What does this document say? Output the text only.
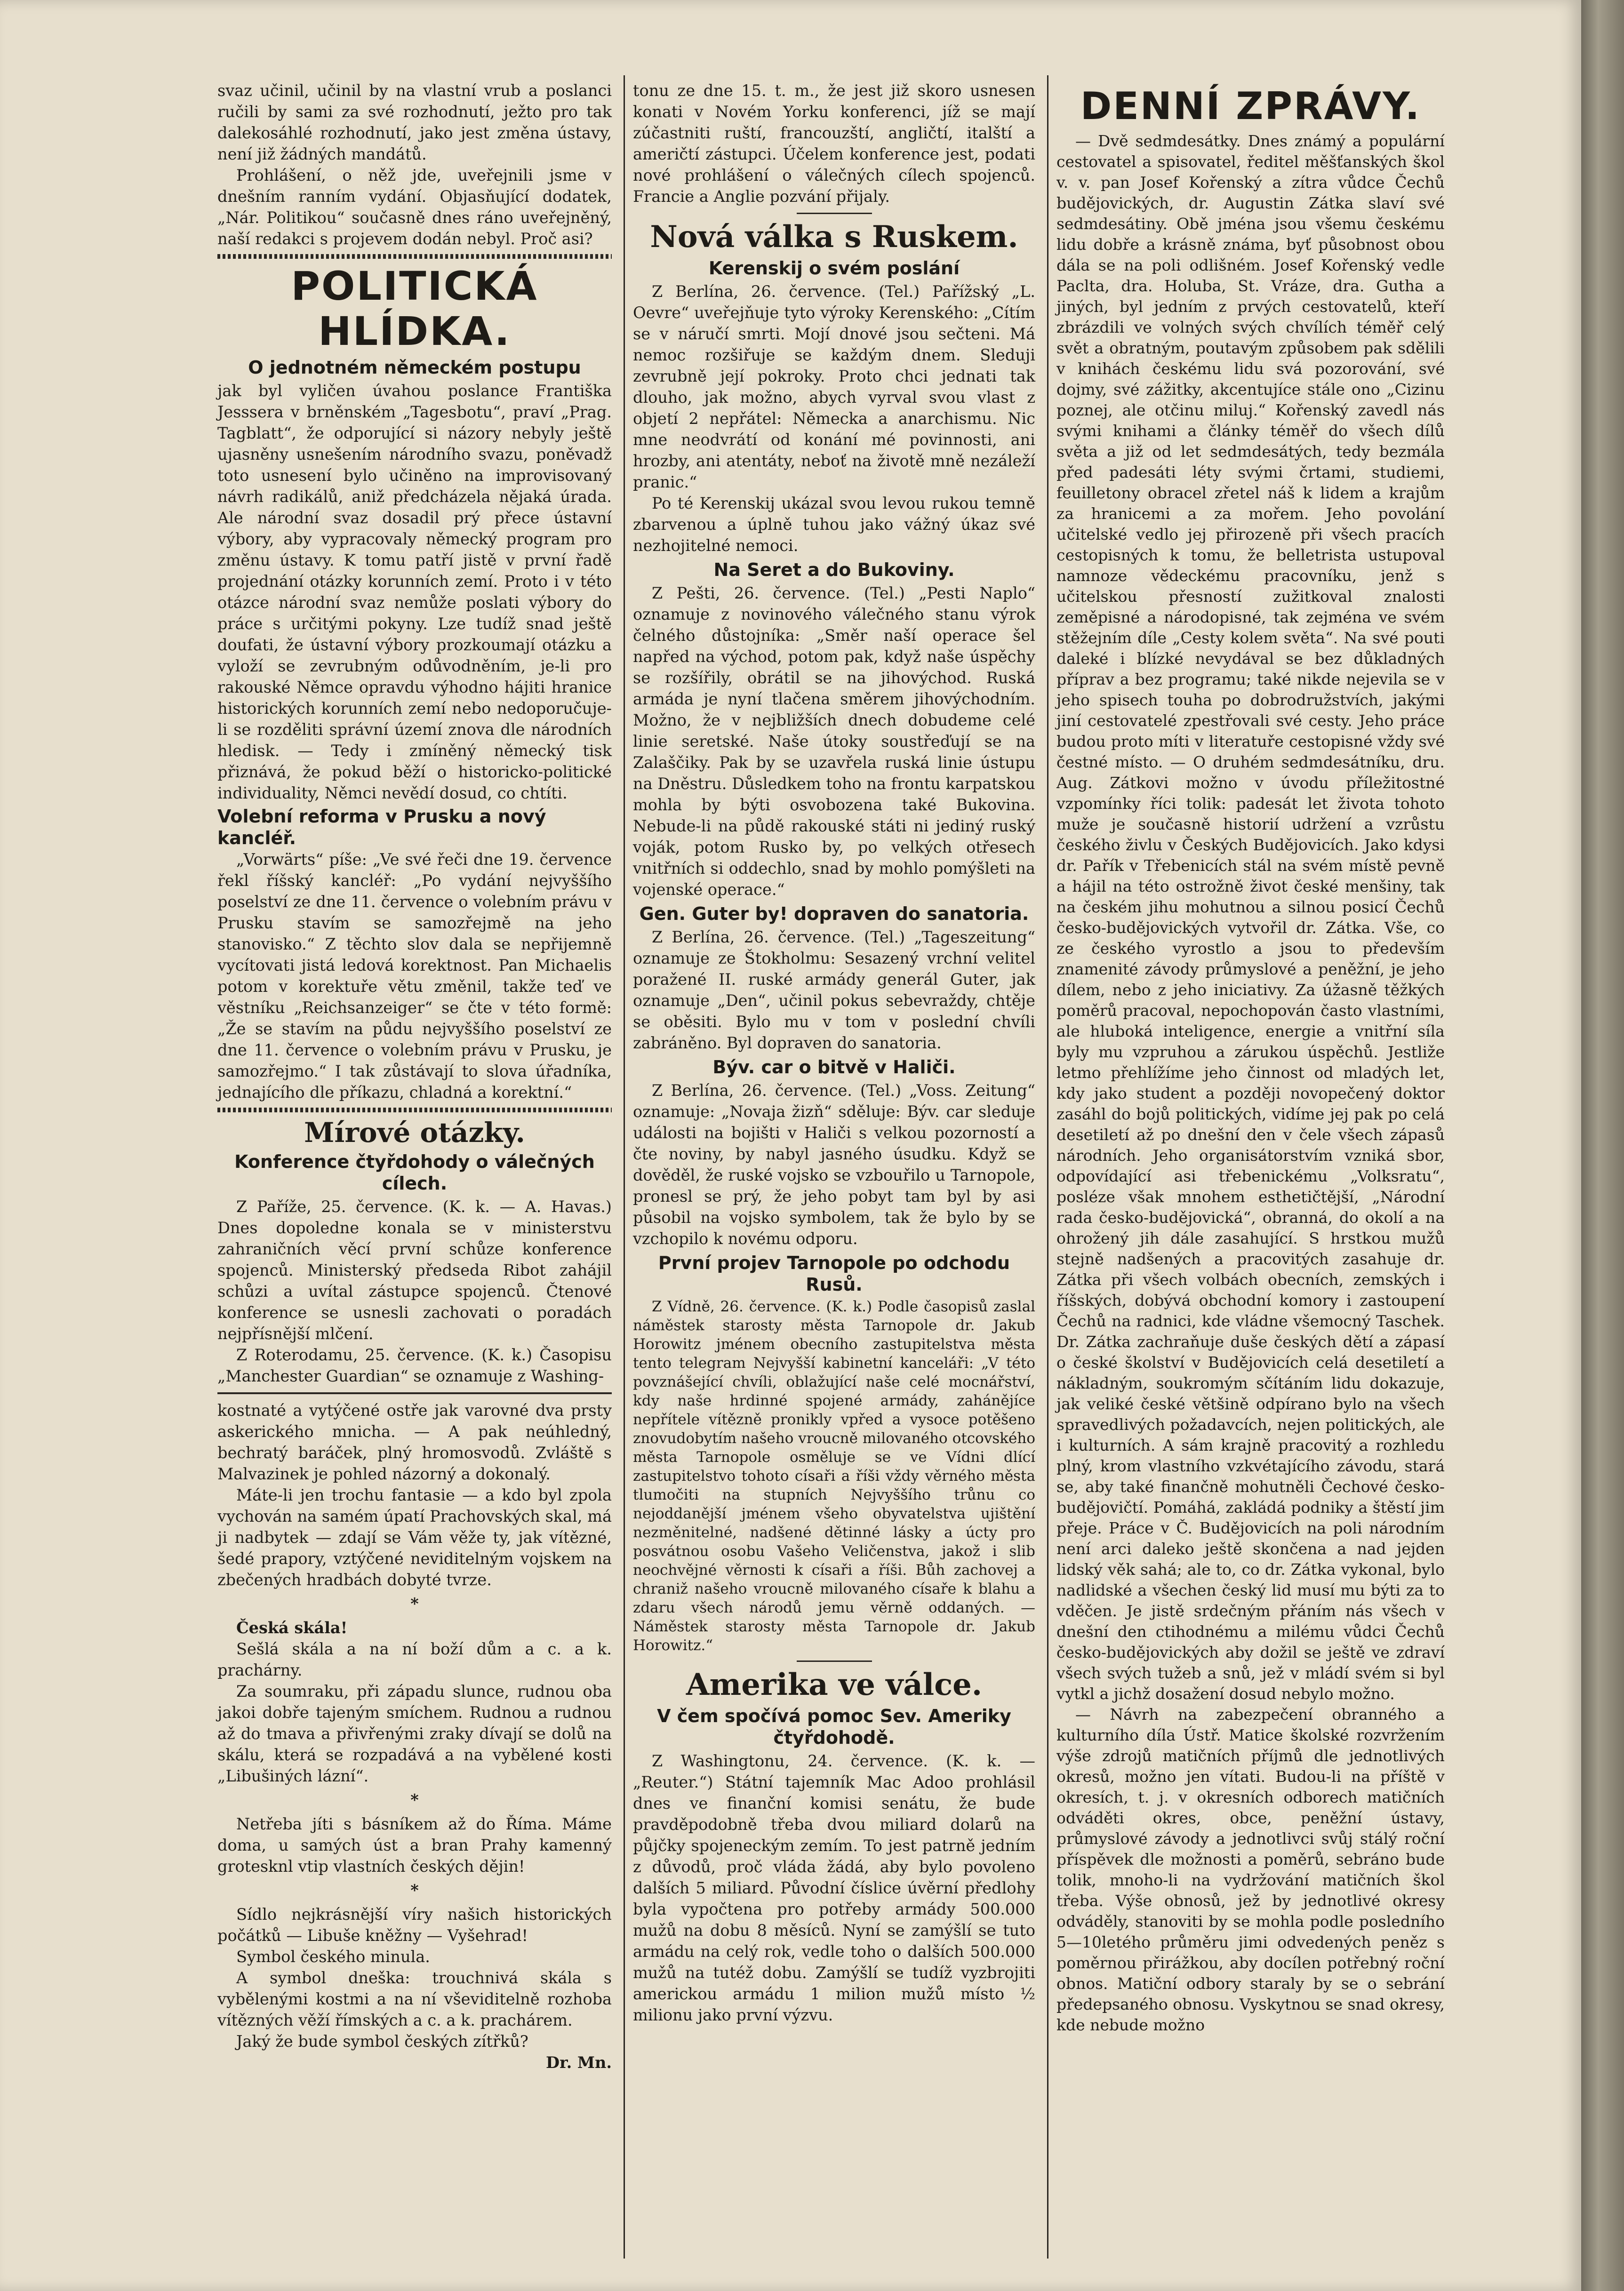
svaz učinil, učinil by na vlastní vrub a poslanci ručili by sami za své rozhodnutí, ježto pro tak dalekosáhlé rozhodnutí, jako jest změna ústavy, není již žádných mandátů.

Prohlášení, o něž jde, uveřejnili jsme v dnešním ranním vydání. Objasňující dodatek, „Nár. Politikou“ současně dnes ráno uveřejněný, naší redakci s projevem dodán nebyl. Proč asi?

POLITICKÁ HLÍDKA.
O jednotném německém postupu

jak byl vyličen úvahou poslance Františka Jesssera v brněnském „Tagesbotu“, praví „Prag. Tagblatt“, že odporující si názory nebyly ještě ujasněny usnešením národního svazu, poněvadž toto usnesení bylo učiněno na improvisovaný návrh radikálů, aniž předcházela nějaká úrada. Ale národní svaz dosadil prý přece ústavní výbory, aby vypracovaly německý program pro změnu ústavy. K tomu patří jistě v první řadě projednání otázky korunních zemí. Proto i v této otázce národní svaz nemůže poslati výbory do práce s určitými pokyny. Lze tudíž snad ještě doufati, že ústavní výbory prozkoumají otázku a vyloží se zevrubným odůvodněním, je-li pro rakouské Němce opravdu výhodno hájiti hranice historických korunních zemí nebo nedoporučuje-li se rozděliti správní území znova dle národních hledisk. — Tedy i zmíněný německý tisk přiznává, že pokud běží o historicko-politické individuality, Němci nevědí dosud, co chtíti.

Volební reforma v Prusku a nový kancléř.

„Vorwärts“ píše: „Ve své řeči dne 19. července řekl říšský kancléř: „Po vydání nejvyššího poselství ze dne 11. července o volebním právu v Prusku stavím se samozřejmě na jeho stanovisko.“ Z těchto slov dala se nepřijemně vycítovati jistá ledová korektnost. Pan Michaelis potom v korektuře větu změnil, takže teď ve věstníku „Reichsanzeiger“ se čte v této formě: „Že se stavím na půdu nejvyššího poselství ze dne 11. července o volebním právu v Prusku, je samozřejmo.“ I tak zůstávají to slova úřadníka, jednajícího dle příkazu, chladná a korektní.“

Mírové otázky.
Konference čtyřdohody o válečných cílech.

Z Paříže, 25. července. (K. k. — A. Havas.) Dnes dopoledne konala se v ministerstvu zahraničních věcí první schůze konference spojenců. Ministerský předseda Ribot zahájil schůzi a uvítal zástupce spojenců. Čtenové konference se usnesli zachovati o poradách nejpřísnější mlčení.

Z Roterodamu, 25. července. (K. k.) Časopisu „Manchester Guardian“ se oznamuje z Washing-

kostnaté a vytýčené ostře jak varovné dva prsty askerického mnicha. — A pak neúhledný, bechratý baráček, plný hromosvodů. Zvláště s Malvazinek je pohled názorný a dokonalý.

Máte-li jen trochu fantasie — a kdo byl zpola vychován na samém úpatí Prachovských skal, má ji nadbytek — zdají se Vám věže ty, jak vítězné, šedé prapory, vztýčené neviditelným vojskem na zbečených hradbách dobyté tvrze.

*

Česká skála!

Sešlá skála a na ní boží dům a c. a k. prachárny.

Za soumraku, při západu slunce, rudnou oba jakoi dobře tajeným smíchem. Rudnou a rudnou až do tmava a přivřenými zraky dívají se dolů na skálu, která se rozpadává a na vybělené kosti „Libušiných lázní“.

*

Netřeba jíti s básníkem až do Říma. Máme doma, u samých úst a bran Prahy kamenný grotesknl vtip vlastních českých dějin!

*

Sídlo nejkrásnější víry našich historických počátků — Libuše kněžny — Vyšehrad!

Symbol českého minula.

A symbol dneška: trouchnivá skála s vybělenými kostmi a na ní vševiditelně rozhoba vítězných věží římských a c. a k. prachárem.

Jaký že bude symbol českých zítřků?

Dr. Mn.

tonu ze dne 15. t. m., že jest již skoro usnesen konati v Novém Yorku konferenci, jíž se mají zúčastniti ruští, francouzští, angličtí, italští a američtí zástupci. Účelem konference jest, podati nové prohlášení o válečných cílech spojenců. Francie a Anglie pozvání přijaly.

Nová válka s Ruskem.
Kerenskij o svém poslání

Z Berlína, 26. července. (Tel.) Pařížský „L. Oevre“ uveřejňuje tyto výroky Kerenského: „Cítím se v náručí smrti. Mojí dnové jsou sečteni. Má nemoc rozšiřuje se každým dnem. Sleduji zevrubně její pokroky. Proto chci jednati tak dlouho, jak možno, abych vyrval svou vlast z objetí 2 nepřátel: Německa a anarchismu. Nic mne neodvrátí od konání mé povinnosti, ani hrozby, ani atentáty, neboť na životě mně nezáleží pranic.“

Po té Kerenskij ukázal svou levou rukou temně zbarvenou a úplně tuhou jako vážný úkaz své nezhojitelné nemoci.

Na Seret a do Bukoviny.

Z Pešti, 26. července. (Tel.) „Pesti Naplo“ oznamuje z novinového válečného stanu výrok čelného důstojníka: „Směr naší operace šel napřed na východ, potom pak, když naše úspěchy se rozšířily, obrátil se na jihovýchod. Ruská armáda je nyní tlačena směrem jihovýchodním. Možno, že v nejbližších dnech dobudeme celé linie seretské. Naše útoky soustřeďují se na Zalaščiky. Pak by se uzavřela ruská linie ústupu na Dněstru. Důsledkem toho na frontu karpatskou mohla by býti osvobozena také Bukovina. Nebude-li na půdě rakouské státi ni jediný ruský voják, potom Rusko by, po velkých otřesech vnitřních si oddechlo, snad by mohlo pomýšleti na vojenské operace.“

Gen. Guter by! dopraven do sanatoria.

Z Berlína, 26. července. (Tel.) „Tageszeitung“ oznamuje ze Štokholmu: Sesazený vrchní velitel poražené II. ruské armády generál Guter, jak oznamuje „Den“, učinil pokus sebevraždy, chtěje se oběsiti. Bylo mu v tom v poslední chvíli zabráněno. Byl dopraven do sanatoria.

Býv. car o bitvě v Haliči.

Z Berlína, 26. července. (Tel.) „Voss. Zeitung“ oznamuje: „Novaja žizň“ sděluje: Býv. car sleduje události na bojišti v Haliči s velkou pozorností a čte noviny, by nabyl jasného úsudku. Když se dověděl, že ruské vojsko se vzbouřilo u Tarnopole, pronesl se prý, že jeho pobyt tam byl by asi působil na vojsko symbolem, tak že bylo by se vzchopilo k novému odporu.

První projev Tarnopole po odchodu Rusů.

Z Vídně, 26. července. (K. k.) Podle časopisů zaslal náměstek starosty města Tarnopole dr. Jakub Horowitz jménem obecního zastupitelstva města tento telegram Nejvyšší kabinetní kanceláři: „V této povznášející chvíli, oblažující naše celé mocnářství, kdy naše hrdinné spojené armády, zahánějíce nepřítele vítězně pronikly vpřed a vysoce potěšeno znovudobytím našeho vroucně milovaného otcovského města Tarnopole osměluje se ve Vídni dlící zastupitelstvo tohoto císaři a říši vždy věrného města tlumočiti na stupních Nejvyššího trůnu co nejoddanější jménem všeho obyvatelstva ujištění nezměnitelné, nadšené dětinné lásky a úcty pro posvátnou osobu Vašeho Veličenstva, jakož i slib neochvějné věrnosti k císaři a říši. Bůh zachovej a chraniž našeho vroucně milovaného císaře k blahu a zdaru všech národů jemu věrně oddaných. — Náměstek starosty města Tarnopole dr. Jakub Horowitz.“

Amerika ve válce.
V čem spočívá pomoc Sev. Ameriky čtyřdohodě.

Z Washingtonu, 24. července. (K. k. — „Reuter.“) Státní tajemník Mac Adoo prohlásil dnes ve finanční komisi senátu, že bude pravděpodobně třeba dvou miliard dolarů na půjčky spojeneckým zemím. To jest patrně jedním z důvodů, proč vláda žádá, aby bylo povoleno dalších 5 miliard. Původní číslice úvěrní předlohy byla vypočtena pro potřeby armády 500.000 mužů na dobu 8 měsíců. Nyní se zamýšlí se tuto armádu na celý rok, vedle toho o dalších 500.000 mužů na tutéž dobu. Zamýšlí se tudíž vyzbrojiti americkou armádu 1 milion mužů místo ½ milionu jako první výzvu.

DENNÍ ZPRÁVY.

— Dvě sedmdesátky. Dnes známý a populární cestovatel a spisovatel, ředitel měšťanských škol v. v. pan Josef Kořenský a zítra vůdce Čechů budějovických, dr. Augustin Zátka slaví své sedmdesátiny. Obě jména jsou všemu českému lidu dobře a krásně známa, byť působnost obou dála se na poli odlišném. Josef Kořenský vedle Paclta, dra. Holuba, St. Vráze, dra. Gutha a jiných, byl jedním z prvých cestovatelů, kteří zbrázdili ve volných svých chvílích téměř celý svět a obratným, poutavým způsobem pak sdělili v knihách českému lidu svá pozorování, své dojmy, své zážitky, akcentujíce stále ono „Cizinu poznej, ale otčinu miluj.“ Kořenský zavedl nás svými knihami a články téměř do všech dílů světa a již od let sedmdesátých, tedy bezmála před padesáti léty svými črtami, studiemi, feuilletony obracel zřetel náš k lidem a krajům za hranicemi a za mořem. Jeho povolání učitelské vedlo jej přirozeně při všech pracích cestopisných k tomu, že belletrista ustupoval namnoze vědeckému pracovníku, jenž s učitelskou přesností zužitkoval znalosti zeměpisné a národopisné, tak zejména ve svém stěžejním díle „Cesty kolem světa“. Na své pouti daleké i blízké nevydával se bez důkladných příprav a bez programu; také nikde nejevila se v jeho spisech touha po dobrodružstvích, jakými jiní cestovatelé zpestřovali své cesty. Jeho práce budou proto míti v literatuře cestopisné vždy své čestné místo. — O druhém sedmdesátníku, dru. Aug. Zátkovi možno v úvodu příležitostné vzpomínky říci tolik: padesát let života tohoto muže je současně historií udržení a vzrůstu českého živlu v Českých Budějovicích. Jako kdysi dr. Pařík v Třebenicích stál na svém místě pevně a hájil na této ostrožně život české menšiny, tak na českém jihu mohutnou a silnou posicí Čechů česko-budějovických vytvořil dr. Zátka. Vše, co ze českého vyrostlo a jsou to především znamenité závody průmyslové a peněžní, je jeho dílem, nebo z jeho iniciativy. Za úžasně těžkých poměrů pracoval, nepochopován často vlastními, ale hluboká inteligence, energie a vnitřní síla byly mu vzpruhou a zárukou úspěchů. Jestliže letmo přehlížíme jeho činnost od mladých let, kdy jako student a později novopečený doktor zasáhl do bojů politických, vidíme jej pak po celá desetiletí až po dnešní den v čele všech zápasů národních. Jeho organisátorstvím vzniká sbor, odpovídající asi třebenickému „Volksratu“, posléze však mnohem esthetičtější, „Národní rada česko-budějovická“, obranná, do okolí a na ohrožený jih dále zasahující. S hrstkou mužů stejně nadšených a pracovitých zasahuje dr. Zátka při všech volbách obecních, zemských i říšských, dobývá obchodní komory i zastoupení Čechů na radnici, kde vládne všemocný Taschek. Dr. Zátka zachraňuje duše českých dětí a zápasí o české školství v Budějovicích celá desetiletí a nákladným, soukromým sčítáním lidu dokazuje, jak veliké české většině odpírano bylo na všech spravedlivých požadavcích, nejen politických, ale i kulturních. A sám krajně pracovitý a rozhledu plný, krom vlastního vzkvétajícího závodu, stará se, aby také finančně mohutněli Čechové česko-budějovičtí. Pomáhá, zakládá podniky a štěstí jim přeje. Práce v Č. Budějovicích na poli národním není arci daleko ještě skončena a nad jejden lidský věk sahá; ale to, co dr. Zátka vykonal, bylo nadlidské a všechen český lid musí mu býti za to vděčen. Je jistě srdečným přáním nás všech v dnešní den ctihodnému a milému vůdci Čechů česko-budějovických aby dožil se ještě ve zdraví všech svých tužeb a snů, jež v mládí svém si byl vytkl a jichž dosažení dosud nebylo možno.

— Návrh na zabezpečení obranného a kulturního díla Ústř. Matice školské rozvržením výše zdrojů matičních příjmů dle jednotlivých okresů, možno jen vítati. Budou-li na příště v okresích, t. j. v okresních odborech matičních odváděti okres, obce, peněžní ústavy, průmyslové závody a jednotlivci svůj stálý roční příspěvek dle možnosti a poměrů, sebráno bude tolik, mnoho-li na vydržování matičních škol třeba. Výše obnosů, jež by jednotlivé okresy odváděly, stanoviti by se mohla podle posledního 5—10letého průměru jimi odvedených peněz s poměrnou přirážkou, aby docílen potřebný roční obnos. Matiční odbory staraly by se o sebrání předepsaného obnosu. Vyskytnou se snad okresy, kde nebude možno
